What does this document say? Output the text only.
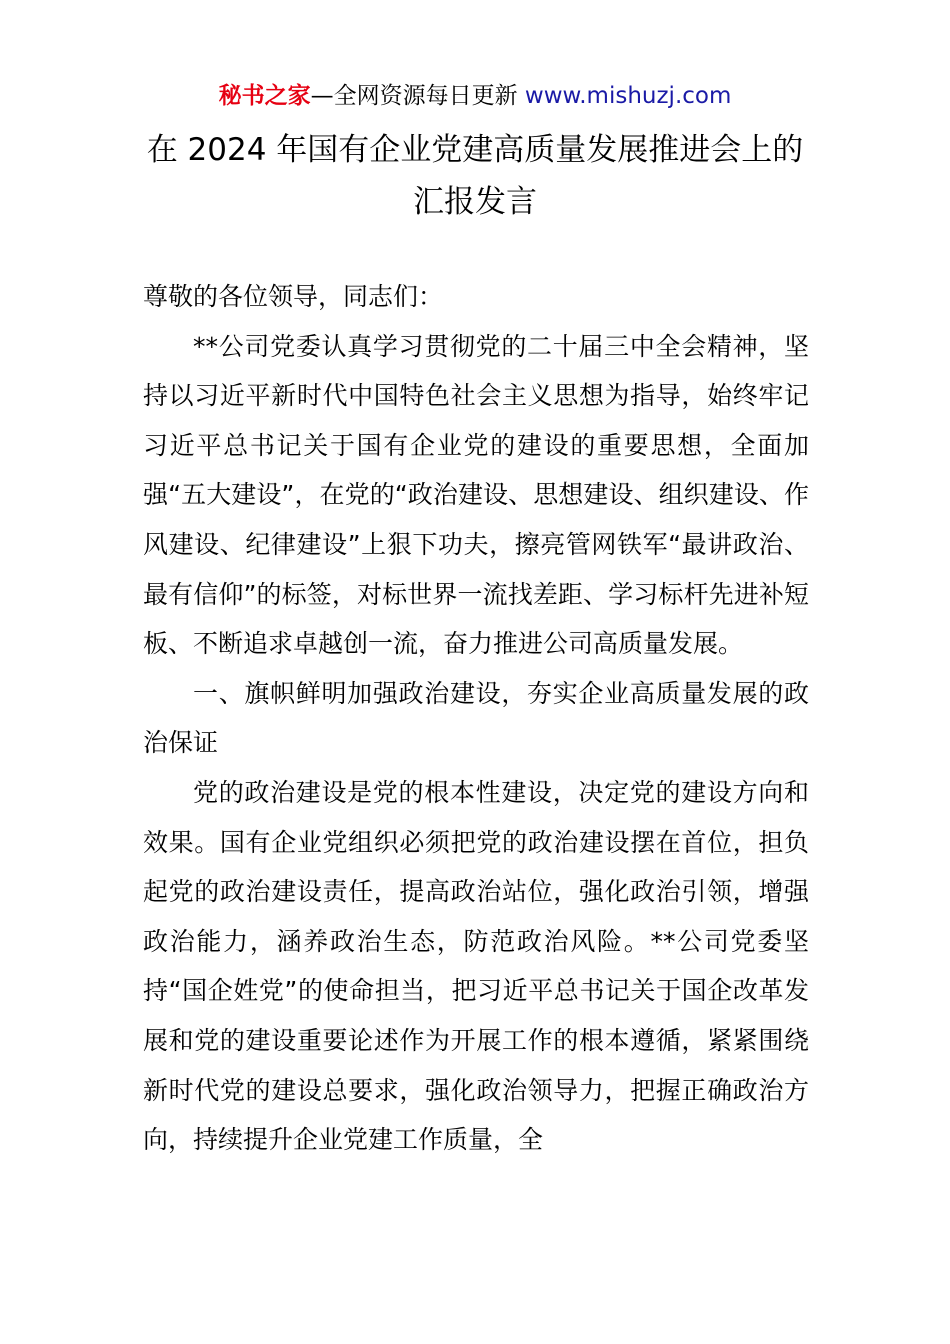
秘书之家—全网资源每日更新 www.mishuzj.com
在 2024 年国有企业党建高质量发展推进会上的
汇报发言

尊敬的各位领导，同志们：

**公司党委认真学习贯彻党的二十届三中全会精神，坚持以习近平新时代中国特色社会主义思想为指导，始终牢记习近平总书记关于国有企业党的建设的重要思想，全面加强“五大建设”，在党的“政治建设、思想建设、组织建设、作风建设、纪律建设”上狠下功夫，擦亮管网铁军“最讲政治、最有信仰”的标签，对标世界一流找差距、学习标杆先进补短板、不断追求卓越创一流，奋力推进公司高质量发展。

一、旗帜鲜明加强政治建设，夯实企业高质量发展的政治保证

党的政治建设是党的根本性建设，决定党的建设方向和效果。国有企业党组织必须把党的政治建设摆在首位，担负起党的政治建设责任，提高政治站位，强化政治引领，增强政治能力，涵养政治生态，防范政治风险。**公司党委坚持“国企姓党”的使命担当，把习近平总书记关于国企改革发展和党的建设重要论述作为开展工作的根本遵循，紧紧围绕新时代党的建设总要求，强化政治领导力，把握正确政治方向，持续提升企业党建工作质量，全
